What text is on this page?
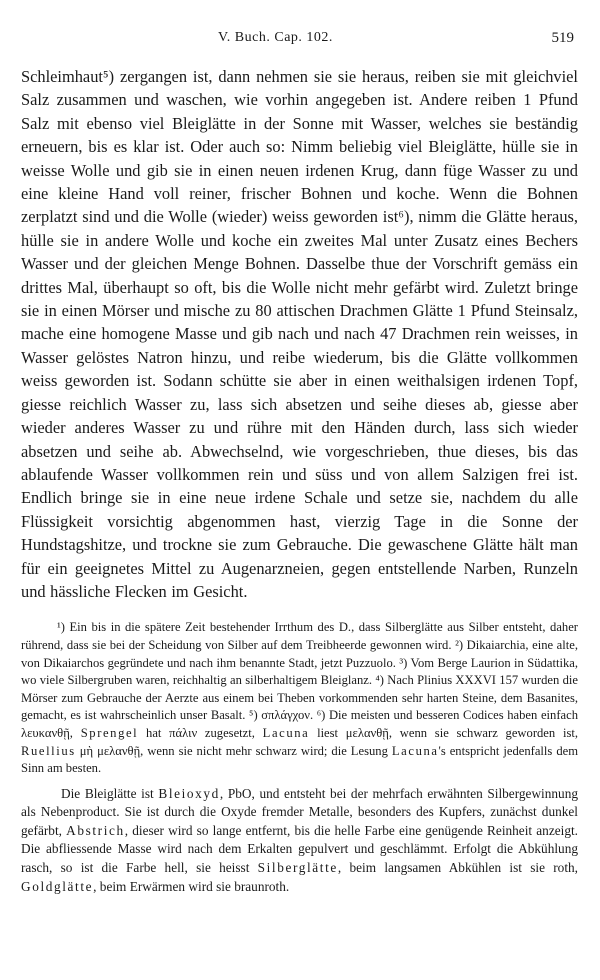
V. Buch. Cap. 102.	519

Schleimhaut⁵) zergangen ist, dann nehmen sie sie heraus, reiben sie mit gleichviel Salz zusammen und waschen, wie vorhin angegeben ist. Andere reiben 1 Pfund Salz mit ebenso viel Bleiglätte in der Sonne mit Wasser, welches sie beständig erneuern, bis es klar ist. Oder auch so: Nimm beliebig viel Bleiglätte, hülle sie in weisse Wolle und gib sie in einen neuen irdenen Krug, dann füge Wasser zu und eine kleine Hand voll reiner, frischer Bohnen und koche. Wenn die Bohnen zerplatzt sind und die Wolle (wieder) weiss geworden ist⁶), nimm die Glätte heraus, hülle sie in andere Wolle und koche ein zweites Mal unter Zusatz eines Bechers Wasser und der gleichen Menge Bohnen. Dasselbe thue der Vorschrift gemäss ein drittes Mal, überhaupt so oft, bis die Wolle nicht mehr gefärbt wird. Zuletzt bringe sie in einen Mörser und mische zu 80 attischen Drachmen Glätte 1 Pfund Steinsalz, mache eine homogene Masse und gib nach und nach 47 Drachmen rein weisses, in Wasser gelöstes Natron hinzu, und reibe wiederum, bis die Glätte vollkommen weiss geworden ist. Sodann schütte sie aber in einen weithalsigen irdenen Topf, giesse reichlich Wasser zu, lass sich absetzen und seihe dieses ab, giesse aber wieder anderes Wasser zu und rühre mit den Händen durch, lass sich wieder absetzen und seihe ab. Abwechselnd, wie vorgeschrieben, thue dieses, bis das ablaufende Wasser vollkommen rein und süss und von allem Salzigen frei ist. Endlich bringe sie in eine neue irdene Schale und setze sie, nachdem du alle Flüssigkeit vorsichtig abgenommen hast, vierzig Tage in die Sonne der Hundstagshitze, und trockne sie zum Gebrauche. Die gewaschene Glätte hält man für ein geeignetes Mittel zu Augenarzneien, gegen entstellende Narben, Runzeln und hässliche Flecken im Gesicht.

¹) Ein bis in die spätere Zeit bestehender Irrthum des D., dass Silberglätte aus Silber entsteht, daher rührend, dass sie bei der Scheidung von Silber auf dem Treibheerde gewonnen wird. ²) Dikaiarchia, eine alte, von Dikaiarchos gegründete und nach ihm benannte Stadt, jetzt Puzzuolo. ³) Vom Berge Laurion in Südattika, wo viele Silbergruben waren, reichhaltig an silberhaltigem Bleiglanz. ⁴) Nach Plinius XXXVI 157 wurden die Mörser zum Gebrauche der Aerzte aus einem bei Theben vorkommenden sehr harten Steine, dem Basanites, gemacht, es ist wahrscheinlich unser Basalt. ⁵) σπλάγχον. ⁶) Die meisten und besseren Codices haben einfach λευκανθῇ, Sprengel hat πάλιν zugesetzt, Lacuna liest μελανθῇ, wenn sie schwarz geworden ist, Ruellius μὴ μελανθῇ, wenn sie nicht mehr schwarz wird; die Lesung Lacuna's entspricht jedenfalls dem Sinn am besten.

Die Bleiglätte ist Bleioxyd, PbO, und entsteht bei der mehrfach erwähnten Silbergewinnung als Nebenproduct. Sie ist durch die Oxyde fremder Metalle, besonders des Kupfers, zunächst dunkel gefärbt, Abstrich, dieser wird so lange entfernt, bis die helle Farbe eine genügende Reinheit anzeigt. Die abfliessende Masse wird nach dem Erkalten gepulvert und geschlämmt. Erfolgt die Abkühlung rasch, so ist die Farbe hell, sie heisst Silberglätte, beim langsamen Abkühlen ist sie roth, Goldglätte, beim Erwärmen wird sie braunroth.
